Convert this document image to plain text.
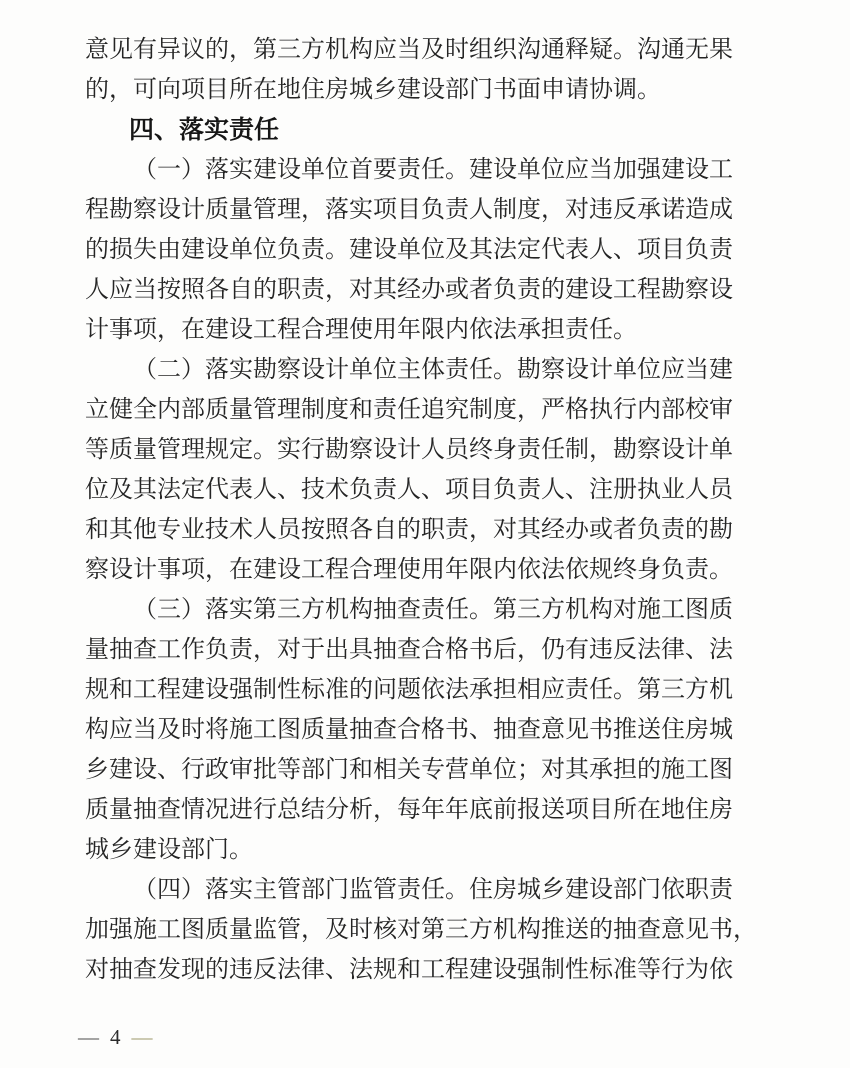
意见有异议的，第三方机构应当及时组织沟通释疑。沟通无果
的，可向项目所在地住房城乡建设部门书面申请协调。
四、落实责任
（一）落实建设单位首要责任。建设单位应当加强建设工
程勘察设计质量管理，落实项目负责人制度，对违反承诺造成
的损失由建设单位负责。建设单位及其法定代表人、项目负责
人应当按照各自的职责，对其经办或者负责的建设工程勘察设
计事项，在建设工程合理使用年限内依法承担责任。
（二）落实勘察设计单位主体责任。勘察设计单位应当建
立健全内部质量管理制度和责任追究制度，严格执行内部校审
等质量管理规定。实行勘察设计人员终身责任制，勘察设计单
位及其法定代表人、技术负责人、项目负责人、注册执业人员
和其他专业技术人员按照各自的职责，对其经办或者负责的勘
察设计事项，在建设工程合理使用年限内依法依规终身负责。
（三）落实第三方机构抽查责任。第三方机构对施工图质
量抽查工作负责，对于出具抽查合格书后，仍有违反法律、法
规和工程建设强制性标准的问题依法承担相应责任。第三方机
构应当及时将施工图质量抽查合格书、抽查意见书推送住房城
乡建设、行政审批等部门和相关专营单位；对其承担的施工图
质量抽查情况进行总结分析，每年年底前报送项目所在地住房
城乡建设部门。
（四）落实主管部门监管责任。住房城乡建设部门依职责
加强施工图质量监管，及时核对第三方机构推送的抽查意见书，
对抽查发现的违反法律、法规和工程建设强制性标准等行为依
— 4 —
